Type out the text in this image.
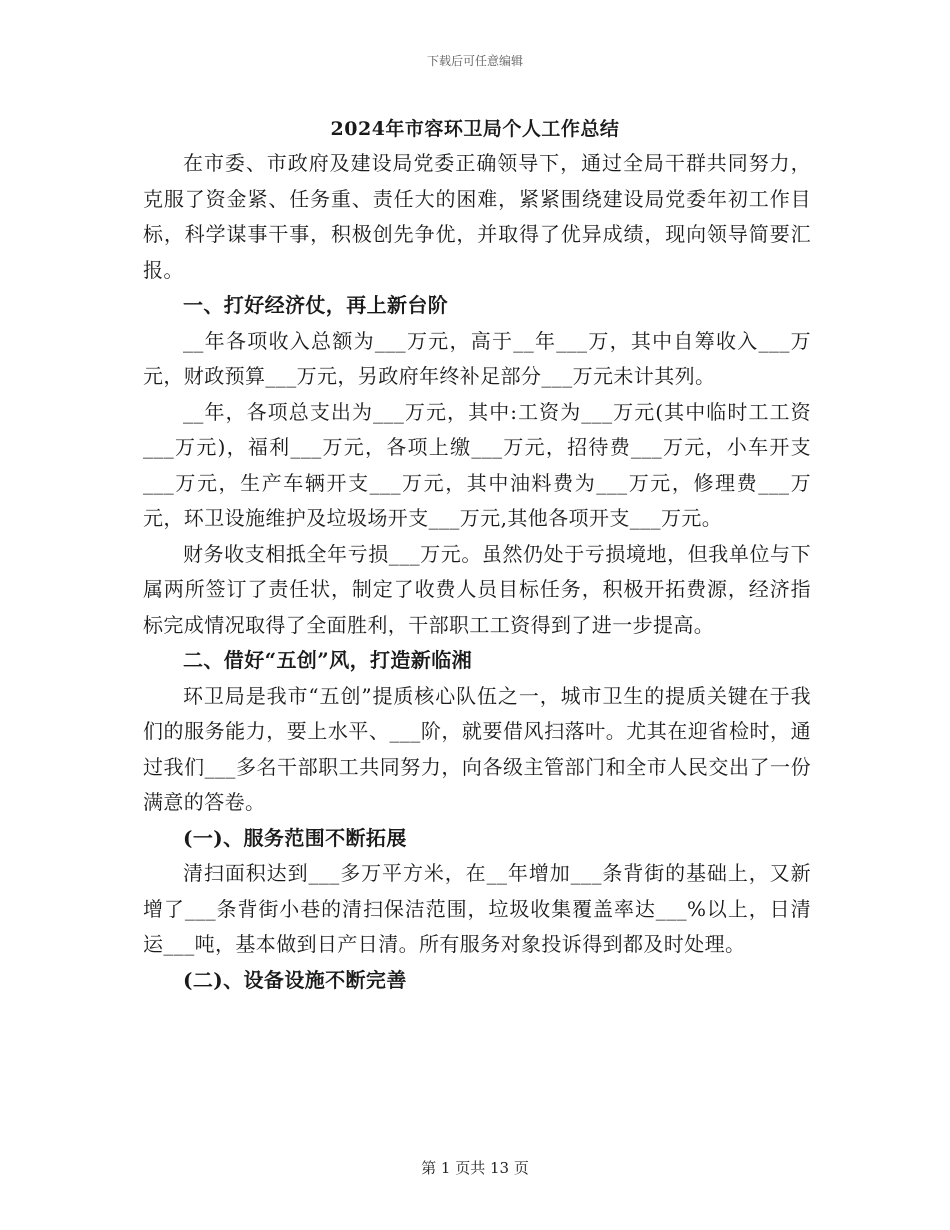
下载后可任意编辑
2024年市容环卫局个人工作总结

在市委、市政府及建设局党委正确领导下，通过全局干群共同努力，克服了资金紧、任务重、责任大的困难，紧紧围绕建设局党委年初工作目标，科学谋事干事，积极创先争优，并取得了优异成绩，现向领导简要汇报。

一、打好经济仗，再上新台阶

__年各项收入总额为___万元，高于__年___万，其中自筹收入___万元，财政预算___万元，另政府年终补足部分___万元未计其列。

__年，各项总支出为___万元，其中:工资为___万元(其中临时工工资___万元)，福利___万元，各项上缴___万元，招待费___万元，小车开支___万元，生产车辆开支___万元，其中油料费为___万元，修理费___万元，环卫设施维护及垃圾场开支___万元,其他各项开支___万元。

财务收支相抵全年亏损___万元。虽然仍处于亏损境地，但我单位与下属两所签订了责任状，制定了收费人员目标任务，积极开拓费源，经济指标完成情况取得了全面胜利，干部职工工资得到了进一步提高。

二、借好“五创”风，打造新临湘

环卫局是我市“五创”提质核心队伍之一，城市卫生的提质关键在于我们的服务能力，要上水平、___阶，就要借风扫落叶。尤其在迎省检时，通过我们___多名干部职工共同努力，向各级主管部门和全市人民交出了一份满意的答卷。

(一)、服务范围不断拓展

清扫面积达到___多万平方米，在__年增加___条背街的基础上，又新增了___条背街小巷的清扫保洁范围，垃圾收集覆盖率达___%以上，日清运___吨，基本做到日产日清。所有服务对象投诉得到都及时处理。

(二)、设备设施不断完善

第 1 页共 13 页
